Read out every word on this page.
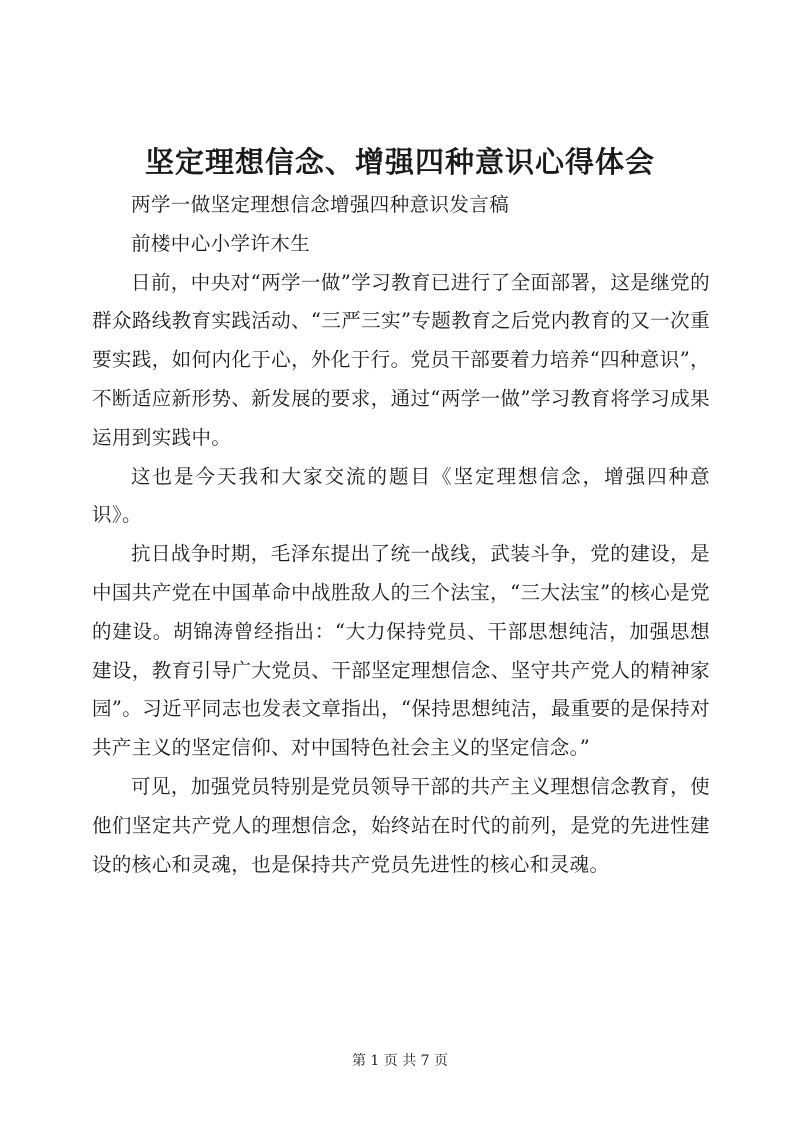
坚定理想信念、增强四种意识心得体会

两学一做坚定理想信念增强四种意识发言稿

前楼中心小学许木生

日前，中央对“两学一做”学习教育已进行了全面部署，这是继党的群众路线教育实践活动、“三严三实”专题教育之后党内教育的又一次重要实践，如何内化于心，外化于行。党员干部要着力培养“四种意识”，不断适应新形势、新发展的要求，通过“两学一做”学习教育将学习成果运用到实践中。

这也是今天我和大家交流的题目《坚定理想信念，增强四种意识》。

抗日战争时期，毛泽东提出了统一战线，武装斗争，党的建设，是中国共产党在中国革命中战胜敌人的三个法宝，“三大法宝”的核心是党的建设。胡锦涛曾经指出：“大力保持党员、干部思想纯洁，加强思想建设，教育引导广大党员、干部坚定理想信念、坚守共产党人的精神家园”。习近平同志也发表文章指出，“保持思想纯洁，最重要的是保持对共产主义的坚定信仰、对中国特色社会主义的坚定信念。”

可见，加强党员特别是党员领导干部的共产主义理想信念教育，使他们坚定共产党人的理想信念，始终站在时代的前列，是党的先进性建设的核心和灵魂，也是保持共产党员先进性的核心和灵魂。

第 1 页 共 7 页
